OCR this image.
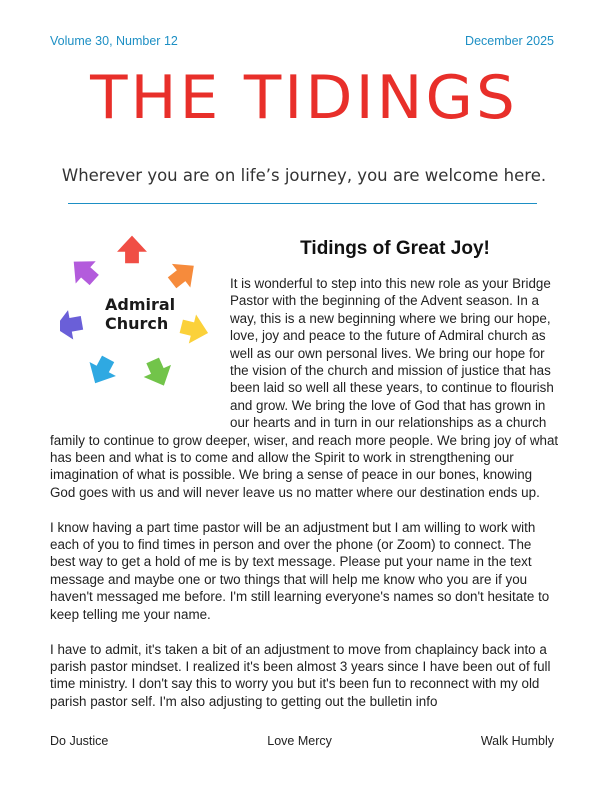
Volume 30, Number 12	December 2025
THE TIDINGS
Wherever you are on life’s journey, you are welcome here.
Admiral
Church
Tidings of Great Joy!

It is wonderful to step into this new role as your Bridge Pastor with the beginning of the Advent season. In a way, this is a new beginning where we bring our hope, love, joy and peace to the future of Admiral church as well as our own personal lives. We bring our hope for the vision of the church and mission of justice that has been laid so well all these years, to continue to flourish and grow. We bring the love of God that has grown in our hearts and in turn in our relationships as a church family to continue to grow deeper, wiser, and reach more people. We bring joy of what has been and what is to come and allow the Spirit to work in strengthening our imagination of what is possible. We bring a sense of peace in our bones, knowing God goes with us and will never leave us no matter where our destination ends up.

I know having a part time pastor will be an adjustment but I am willing to work with each of you to find times in person and over the phone (or Zoom) to connect. The best way to get a hold of me is by text message. Please put your name in the text message and maybe one or two things that will help me know who you are if you haven't messaged me before. I'm still learning everyone's names so don't hesitate to keep telling me your name.

I have to admit, it's taken a bit of an adjustment to move from chaplaincy back into a parish pastor mindset. I realized it's been almost 3 years since I have been out of full time ministry. I don't say this to worry you but it's been fun to reconnect with my old parish pastor self. I'm also adjusting to getting out the bulletin info

Do Justice	Love Mercy	Walk Humbly
